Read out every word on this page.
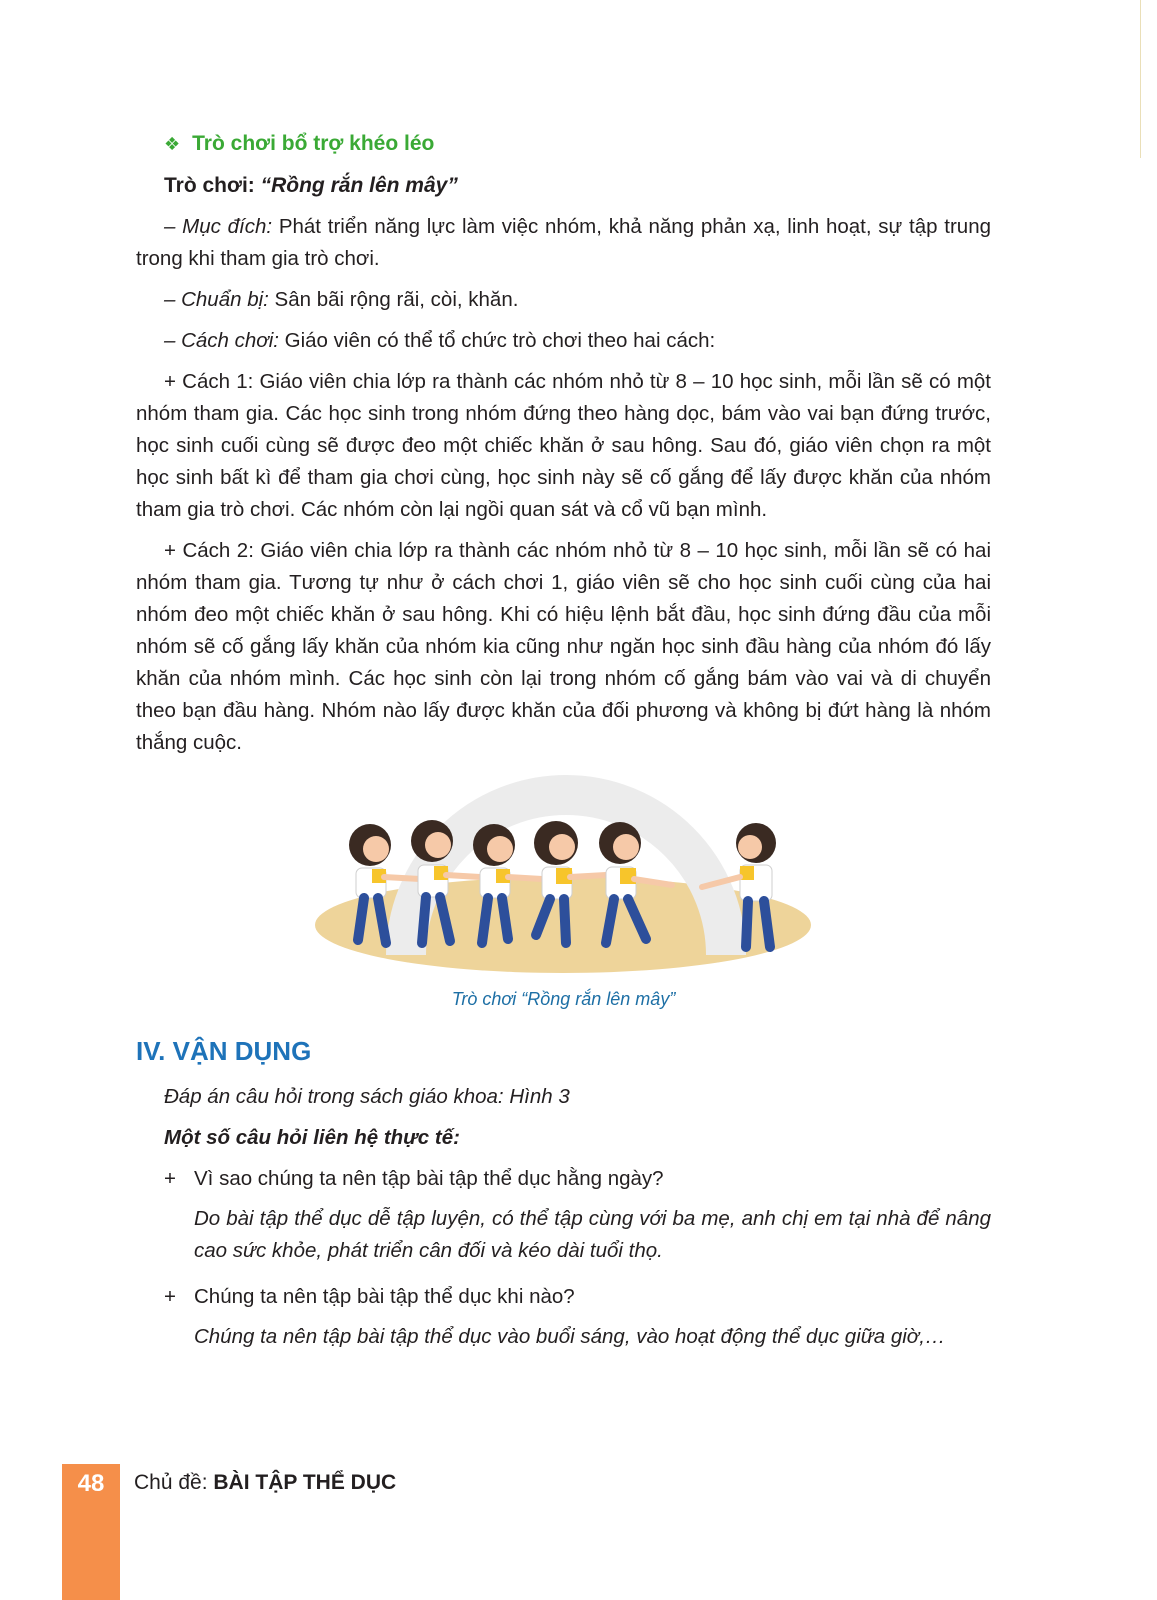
❖ Trò chơi bổ trợ khéo léo

Trò chơi: “Rồng rắn lên mây”

– Mục đích: Phát triển năng lực làm việc nhóm, khả năng phản xạ, linh hoạt, sự tập trung trong khi tham gia trò chơi.

– Chuẩn bị: Sân bãi rộng rãi, còi, khăn.

– Cách chơi: Giáo viên có thể tổ chức trò chơi theo hai cách:

+ Cách 1: Giáo viên chia lớp ra thành các nhóm nhỏ từ 8 – 10 học sinh, mỗi lần sẽ có một nhóm tham gia. Các học sinh trong nhóm đứng theo hàng dọc, bám vào vai bạn đứng trước, học sinh cuối cùng sẽ được đeo một chiếc khăn ở sau hông. Sau đó, giáo viên chọn ra một học sinh bất kì để tham gia chơi cùng, học sinh này sẽ cố gắng để lấy được khăn của nhóm tham gia trò chơi. Các nhóm còn lại ngồi quan sát và cổ vũ bạn mình.

+ Cách 2: Giáo viên chia lớp ra thành các nhóm nhỏ từ 8 – 10 học sinh, mỗi lần sẽ có hai nhóm tham gia. Tương tự như ở cách chơi 1, giáo viên sẽ cho học sinh cuối cùng của hai nhóm đeo một chiếc khăn ở sau hông. Khi có hiệu lệnh bắt đầu, học sinh đứng đầu của mỗi nhóm sẽ cố gắng lấy khăn của nhóm kia cũng như ngăn học sinh đầu hàng của nhóm đó lấy khăn của nhóm mình. Các học sinh còn lại trong nhóm cố gắng bám vào vai và di chuyển theo bạn đầu hàng. Nhóm nào lấy được khăn của đối phương và không bị đứt hàng là nhóm thắng cuộc.

Trò chơi “Rồng rắn lên mây”

IV. VẬN DỤNG

Đáp án câu hỏi trong sách giáo khoa: Hình 3

Một số câu hỏi liên hệ thực tế:

+ Vì sao chúng ta nên tập bài tập thể dục hằng ngày?

Do bài tập thể dục dễ tập luyện, có thể tập cùng với ba mẹ, anh chị em tại nhà để nâng cao sức khỏe, phát triển cân đối và kéo dài tuổi thọ.

+ Chúng ta nên tập bài tập thể dục khi nào?

Chúng ta nên tập bài tập thể dục vào buổi sáng, vào hoạt động thể dục giữa giờ,…

48	Chủ đề: BÀI TẬP THỂ DỤC
